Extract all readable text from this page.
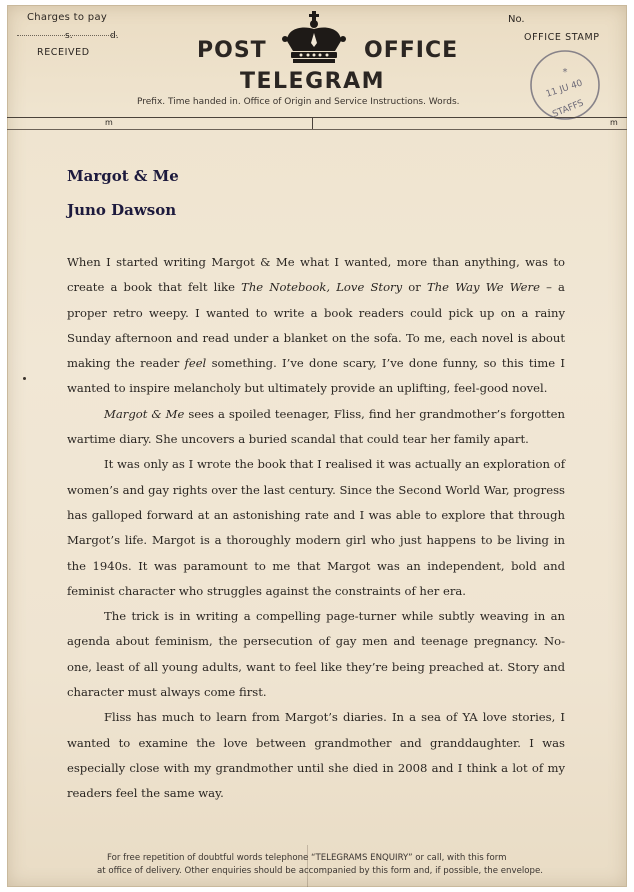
Charges to pay
s.	d.
RECEIVED	POST	OFFICE
TELEGRAM
No.
OFFICE STAMP
*
11 JU 40
STAFFS
Prefix. Time handed in. Office of Origin and Service Instructions. Words.
m	m
Margot & Me
Juno Dawson

When I started writing Margot & Me what I wanted, more than anything, was to create a book that felt like The Notebook, Love Story or The Way We Were – a proper retro weepy. I wanted to write a book readers could pick up on a rainy Sunday afternoon and read under a blanket on the sofa. To me, each novel is about making the reader feel something. I’ve done scary, I’ve done funny, so this time I wanted to inspire melancholy but ultimately provide an uplifting, feel-good novel.

Margot & Me sees a spoiled teenager, Fliss, find her grandmother’s forgotten wartime diary. She uncovers a buried scandal that could tear her family apart.

It was only as I wrote the book that I realised it was actually an exploration of women’s and gay rights over the last century. Since the Second World War, progress has galloped forward at an astonishing rate and I was able to explore that through Margot’s life. Margot is a thoroughly modern girl who just happens to be living in the 1940s. It was paramount to me that Margot was an independent, bold and feminist character who struggles against the constraints of her era.

The trick is in writing a compelling page-turner while subtly weaving in an agenda about feminism, the persecution of gay men and teenage pregnancy. No-one, least of all young adults, want to feel like they’re being preached at. Story and character must always come first.

Fliss has much to learn from Margot’s diaries. In a sea of YA love stories, I wanted to examine the love between grandmother and granddaughter. I was especially close with my grandmother until she died in 2008 and I think a lot of my readers feel the same way.

For free repetition of doubtful words telephone “TELEGRAMS ENQUIRY” or call, with this form
at office of delivery. Other enquiries should be accompanied by this form and, if possible, the envelope.
